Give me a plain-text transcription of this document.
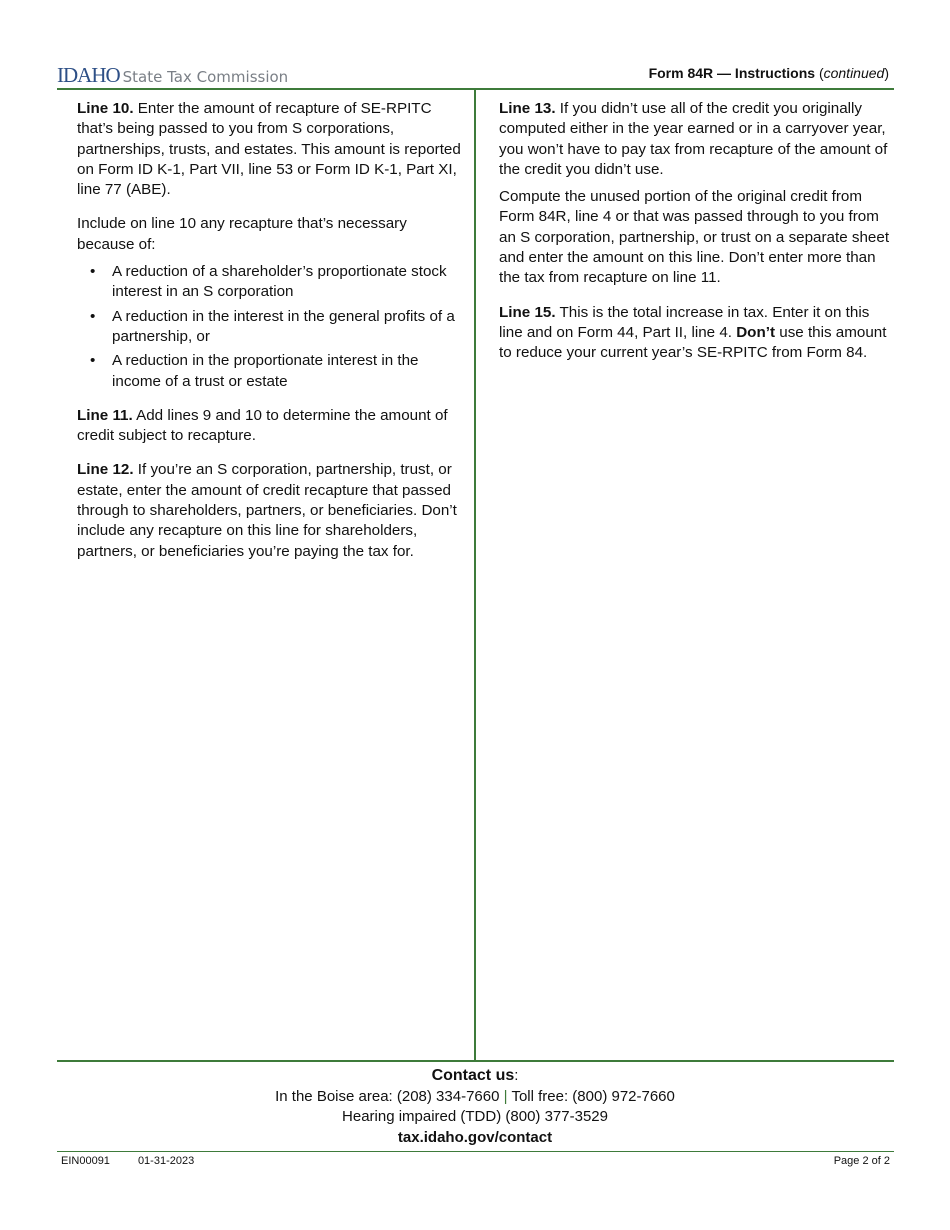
IDAHO State Tax Commission	Form 84R — Instructions (continued)

Line 10. Enter the amount of recapture of SE-RPITC that’s being passed to you from S corporations, partnerships, trusts, and estates. This amount is reported on Form ID K-1, Part VII, line 53 or Form ID K-1, Part XI, line 77 (ABE).

Include on line 10 any recapture that’s necessary because of:

• A reduction of a shareholder’s proportionate stock interest in an S corporation
• A reduction in the interest in the general profits of a partnership, or
• A reduction in the proportionate interest in the income of a trust or estate

Line 11. Add lines 9 and 10 to determine the amount of credit subject to recapture.

Line 12. If you’re an S corporation, partnership, trust, or estate, enter the amount of credit recapture that passed through to shareholders, partners, or beneficiaries. Don’t include any recapture on this line for shareholders, partners, or beneficiaries you’re paying the tax for.

Line 13. If you didn’t use all of the credit you originally computed either in the year earned or in a carryover year, you won’t have to pay tax from recapture of the amount of the credit you didn’t use.

Compute the unused portion of the original credit from Form 84R, line 4 or that was passed through to you from an S corporation, partnership, or trust on a separate sheet and enter the amount on this line. Don’t enter more than the tax from recapture on line 11.

Line 15. This is the total increase in tax. Enter it on this line and on Form 44, Part II, line 4. Don’t use this amount to reduce your current year’s SE-RPITC from Form 84.

Contact us:
In the Boise area: (208) 334-7660 | Toll free: (800) 972-7660
Hearing impaired (TDD) (800) 377-3529
tax.idaho.gov/contact
EIN00091	01-31-2023	Page 2 of 2
